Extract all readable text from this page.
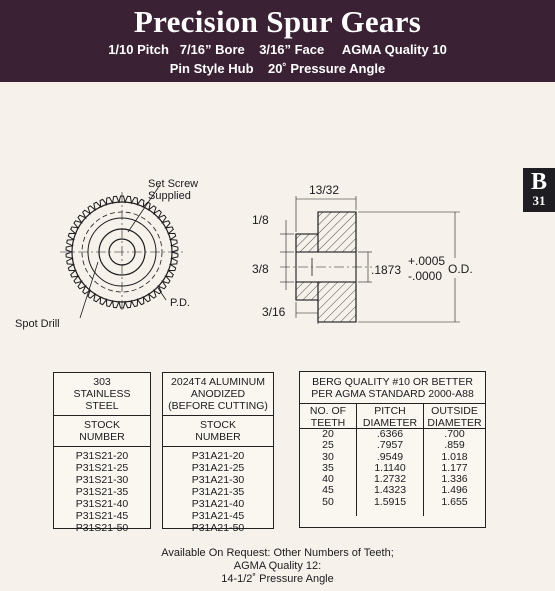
Precision Spur Gears
1/10 Pitch   7/16” Bore    3/16” Face     AGMA Quality 10
Pin Style Hub    20˚ Pressure Angle
B
31
Set Screw
Supplied
P.D.
Spot Drill
13/32
1/8
3/8
3/16
.1873
+.0005
-.0000 O.D.
303
STAINLESS
STEEL
STOCK
NUMBER
P31S21-20
P31S21-25
P31S21-30
P31S21-35
P31S21-40
P31S21-45
P31S21-50
2024T4 ALUMINUM
ANODIZED
(BEFORE CUTTING)
STOCK
NUMBER
P31A21-20
P31A21-25
P31A21-30
P31A21-35
P31A21-40
P31A21-45
P31A21-50
BERG QUALITY #10 OR BETTER
PER AGMA STANDARD 2000-A88
NO. OF
TEETH
20
25
30
35
40
45
50
PITCH
DIAMETER
.6366
.7957
.9549
1.1140
1.2732
1.4323
1.5915
OUTSIDE
DIAMETER
.700
.859
1.018
1.177
1.336
1.496
1.655
Available On Request: Other Numbers of Teeth;
AGMA Quality 12:
14-1/2˚ Pressure Angle
